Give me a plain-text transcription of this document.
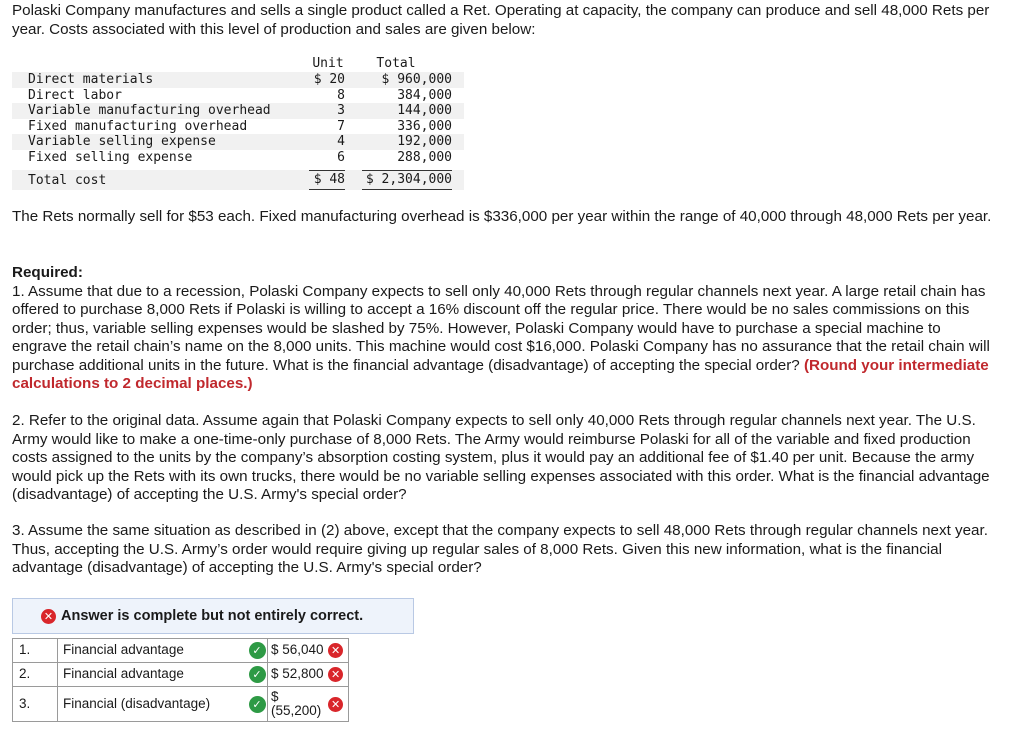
Polaski Company manufactures and sells a single product called a Ret. Operating at capacity, the company can produce and sell 48,000 Rets per year. Costs associated with this level of production and sales are given below:
Unit	Total
Direct materials	$ 20	$ 960,000
Direct labor	8	384,000
Variable manufacturing overhead	3	144,000
Fixed manufacturing overhead	7	336,000
Variable selling expense	4	192,000
Fixed selling expense	6	288,000
Total cost	$ 48	$ 2,304,000
The Rets normally sell for $53 each. Fixed manufacturing overhead is $336,000 per year within the range of 40,000 through 48,000 Rets per year.
Required:
1. Assume that due to a recession, Polaski Company expects to sell only 40,000 Rets through regular channels next year. A large retail chain has offered to purchase 8,000 Rets if Polaski is willing to accept a 16% discount off the regular price. There would be no sales commissions on this order; thus, variable selling expenses would be slashed by 75%. However, Polaski Company would have to purchase a special machine to engrave the retail chain’s name on the 8,000 units. This machine would cost $16,000. Polaski Company has no assurance that the retail chain will purchase additional units in the future. What is the financial advantage (disadvantage) of accepting the special order? (Round your intermediate calculations to 2 decimal places.)
2. Refer to the original data. Assume again that Polaski Company expects to sell only 40,000 Rets through regular channels next year. The U.S. Army would like to make a one-time-only purchase of 8,000 Rets. The Army would reimburse Polaski for all of the variable and fixed production costs assigned to the units by the company’s absorption costing system, plus it would pay an additional fee of $1.40 per unit. Because the army would pick up the Rets with its own trucks, there would be no variable selling expenses associated with this order. What is the financial advantage (disadvantage) of accepting the U.S. Army's special order?
3. Assume the same situation as described in (2) above, except that the company expects to sell 48,000 Rets through regular channels next year. Thus, accepting the U.S. Army’s order would require giving up regular sales of 8,000 Rets. Given this new information, what is the financial advantage (disadvantage) of accepting the U.S. Army's special order?
✕ Answer is complete but not entirely correct.
1.	Financial advantage	✓	$ 56,040	✕
2.	Financial advantage	✓	$ 52,800	✕
3.	Financial (disadvantage)	✓	$
(55,200)	✕
